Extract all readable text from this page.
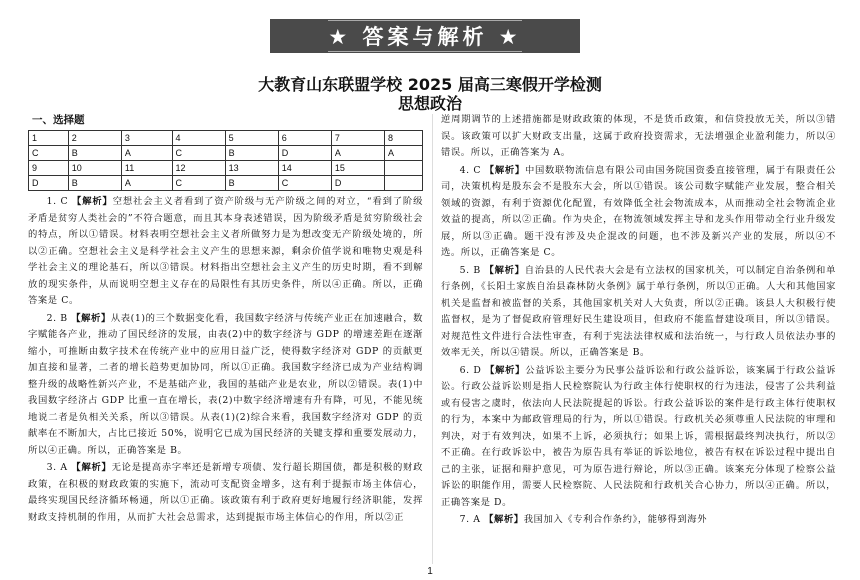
★ 答案与解析 ★
大教育山东联盟学校 2025 届高三寒假开学检测
思想政治
一、选择题
1	2	3	4	5	6	7	8
C	B	A	C	B	D	A	A
9	10	11	12	13	14	15	
D	B	A	C	B	C	D	

1. C 【解析】空想社会主义者看到了资产阶级与无产阶级之间的对立，“看到了阶级矛盾是贫穷人类社会的”不符合题意，而且其本身表述错误，因为阶级矛盾是贫穷阶级社会的特点，所以①错误。材料表明空想社会主义者所做努力是为想改变无产阶级处境的，所以②正确。空想社会主义是科学社会主义产生的思想来源，剩余价值学说和唯物史观是科学社会主义的理论基石，所以③错误。材料指出空想社会主义产生的历史时期，看不到解放的现实条件，从而说明空想主义存在的局限性有其历史条件，所以④正确。所以，正确答案是 C。

2. B 【解析】从表(1)的三个数据变化看，我国数字经济与传统产业正在加速融合，数字赋能各产业，推动了国民经济的发展，由表(2)中的数字经济与 GDP 的增速差距在逐渐缩小，可推断由数字技术在传统产业中的应用日益广泛，使得数字经济对 GDP 的贡献更加直接和显著，二者的增长趋势更加协同，所以①正确。我国数字经济已成为产业结构调整升级的战略性新兴产业，不是基础产业，我国的基础产业是农业，所以②错误。表(1)中我国数字经济占 GDP 比重一直在增长，表(2)中数字经济增速有升有降，可见，不能见统地说二者是负相关关系，所以③错误。从表(1)(2)综合来看，我国数字经济对 GDP 的贡献率在不断加大，占比已接近 50%，说明它已成为国民经济的关键支撑和重要发展动力，所以④正确。所以，正确答案是 B。

3. A 【解析】无论是提高赤字率还是新增专项债、发行超长期国债，都是积极的财政政策，在积极的财政政策的实施下，流动可支配资金增多，这有利于提振市场主体信心，最终实现国民经济循环畅通，所以①正确。该政策有利于政府更好地履行经济职能，发挥财政支持机制的作用，从而扩大社会总需求，达到提振市场主体信心的作用，所以②正

逆周期调节的上述措施都是财政政策的体现，不是货币政策，和信贷投放无关，所以③错误。该政策可以扩大财政支出量，这属于政府投资需求，无法增强企业盈利能力，所以④错误。所以，正确答案为 A。

4. C 【解析】中国数联物流信息有限公司由国务院国资委直接管理，属于有限责任公司，决策机构是股东会不是股东大会，所以①错误。该公司数字赋能产业发展，整合相关领域的资源，有利于资源优化配置，有效降低全社会物流成本，从而推动全社会物流企业效益的提高，所以②正确。作为央企，在物流领域发挥主导和龙头作用带动全行业升级发展，所以③正确。题干没有涉及央企混改的问题，也不涉及新兴产业的发展，所以④不选。所以，正确答案是 C。

5. B 【解析】自治县的人民代表大会是有立法权的国家机关，可以制定自治条例和单行条例，《长阳土家族自治县森林防火条例》属于单行条例，所以①正确。人大和其他国家机关是监督和被监督的关系，其他国家机关对人大负责，所以②正确。该县人大积极行使监督权，是为了督促政府管理好民生建设项目，但政府不能监督建设项目，所以③错误。对规范性文件进行合法性审查，有利于宪法法律权威和法治统一，与行政人员依法办事的效率无关，所以④错误。所以，正确答案是 B。

6. D 【解析】公益诉讼主要分为民事公益诉讼和行政公益诉讼，该案属于行政公益诉讼。行政公益诉讼则是指人民检察院认为行政主体行使职权的行为违法，侵害了公共利益或有侵害之虞时，依法向人民法院提起的诉讼。行政公益诉讼的案件是行政主体行使职权的行为，本案中为邮政管理局的行为，所以①错误。行政机关必须尊重人民法院的审理和判决，对于有效判决，如果不上诉，必须执行；如果上诉，需根据最终判决执行，所以②不正确。在行政诉讼中，被告为原告具有举证的诉讼地位，被告有权在诉讼过程中提出自己的主张，证据和辩护意见，可为原告进行辩论，所以③正确。该案充分体现了检察公益诉讼的职能作用，需要人民检察院、人民法院和行政机关合心协力，所以④正确。所以，正确答案是 D。

7. A 【解析】我国加入《专利合作条约》，能够得到海外

1
